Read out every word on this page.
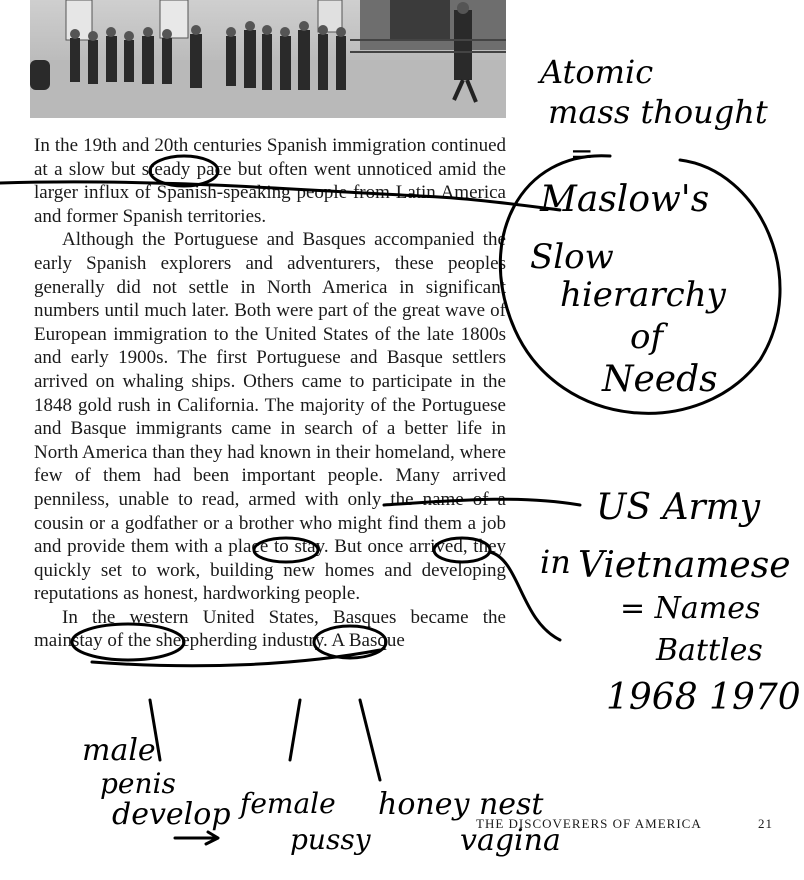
In the 19th and 20th centuries Spanish immigration continued at a slow but steady pace but often went unnoticed amid the larger influx of Spanish-speaking people from Latin America and former Spanish territories.

Although the Portuguese and Basques accompanied the early Spanish explorers and adventurers, these peoples generally did not settle in North America in significant numbers until much later. Both were part of the great wave of European immigration to the United States of the late 1800s and early 1900s. The first Portuguese and Basque settlers arrived on whaling ships. Others came to participate in the 1848 gold rush in California. The majority of the Portuguese and Basque immigrants came in search of a better life in North America than they had known in their homeland, where few of them had been important people. Many arrived penniless, unable to read, armed with only the name of a cousin or a godfather or a brother who might find them a job and provide them with a place to stay. But once arrived, they quickly set to work, building new homes and developing reputations as honest, hardworking people.

In the western United States, Basques became the mainstay of the sheepherding industry. A Basque

THE DISCOVERERS OF AMERICA	21
Atomic
mass thought
=
Maslow's
Slow
hierarchy
of
Needs
US Army
in Vietnamese
= Names
Battles
1968 1970
male
penis
develop female
pussy
honey nest
vagina
